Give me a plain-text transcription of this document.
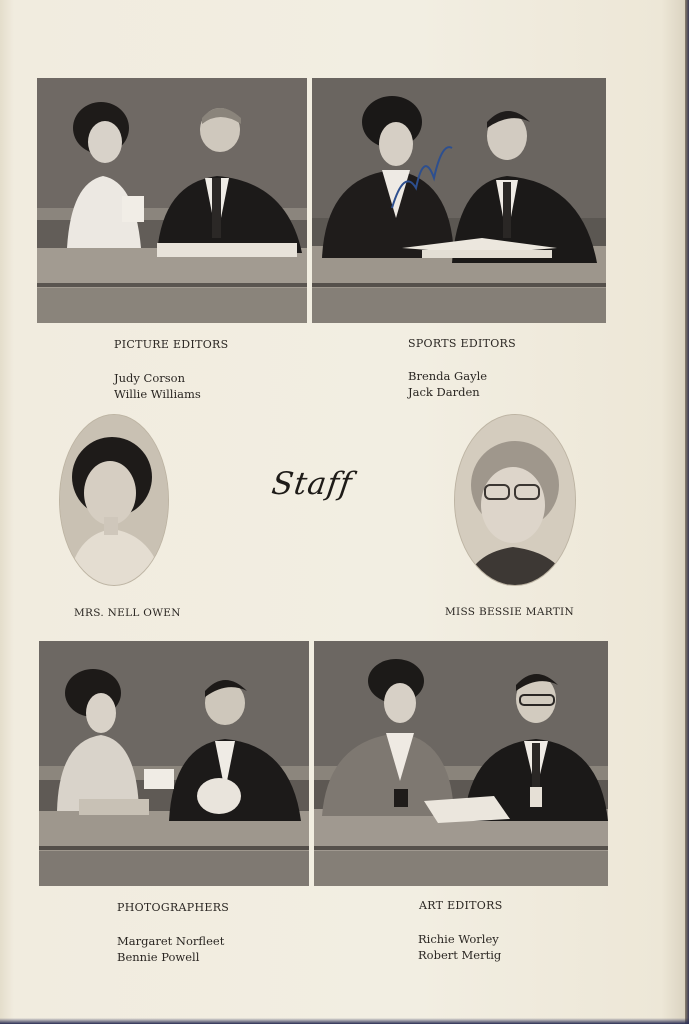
PICTURE EDITORS
Judy Corson
Willie Williams
SPORTS EDITORS
Brenda Gayle
Jack Darden
Staff
MRS. NELL OWEN	MISS BESSIE MARTIN
PHOTOGRAPHERS
Margaret Norfleet
Bennie Powell
ART EDITORS
Richie Worley
Robert Mertig
